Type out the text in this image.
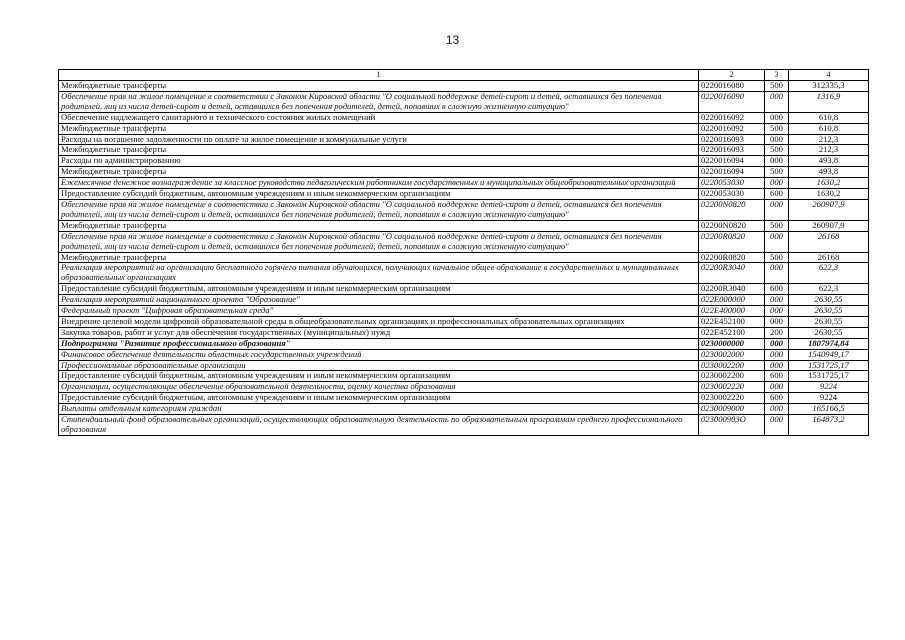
13
1	2	3	4
Межбюджетные трансферты	0220016080	500	312335,3
Обеспечение прав на жилое помещение в соответствии с Законом Кировской области "О социальной поддержке детей-сирот и детей, оставшихся без попечения родителей, лиц из числа детей-сирот и детей, оставшихся без попечения родителей, детей, попавших в сложную жизненную ситуацию"	0220016090	000	1316,9
Обеспечение надлежащего санитарного и технического состояния жилых помещений	0220016092	000	610,8
Межбюджетные трансферты	0220016092	500	610,8
Расходы на погашение задолженности по оплате за жилое помещение и коммунальные услуги	0220016093	000	212,3
Межбюджетные трансферты	0220016093	500	212,3
Расходы по администрированию	0220016094	000	493,8
Межбюджетные трансферты	0220016094	500	493,8
Ежемесячное денежное вознаграждение за классное руководство педагогическим работникам государственных и муниципальных общеобразовательных организаций	0220053030	000	1630,2
Предоставление субсидий бюджетным, автономным учреждениям и иным некоммерческим организациям	0220053030	600	1630,2
Обеспечение прав на жилое помещение в соответствии с Законом Кировской области "О социальной поддержке детей-сирот и детей, оставшихся без попечения родителей, лиц из числа детей-сирот и детей, оставшихся без попечения родителей, детей, попавших в сложную жизненную ситуацию"	02200N0820	000	260907,9
Межбюджетные трансферты	02200N0820	500	260907,9
Обеспечение прав на жилое помещение в соответствии с Законом Кировской области "О социальной поддержке детей-сирот и детей, оставшихся без попечения родителей, лиц из числа детей-сирот и детей, оставшихся без попечения родителей, детей, попавших в сложную жизненную ситуацию"	02200R0820	000	26168
Межбюджетные трансферты	02200R0820	500	26168
Реализация мероприятий на организацию бесплатного горячего питания обучающихся, получающих начальное общее образование в государственных и муниципальных образовательных организациях	02200R3040	000	622,3
Предоставление субсидий бюджетным, автономным учреждениям и иным некоммерческим организациям	02200R3040	600	622,3
Реализация мероприятий национального проекта "Образование"	022E000000	000	2630,55
Федеральный проект "Цифровая образовательная среда"	022E400000	000	2630,55
Внедрение целевой модели цифровой образовательной среды в общеобразовательных организациях и профессиональных образовательных организациях	022E452100	000	2630,55
Закупка товаров, работ и услуг для обеспечения государственных (муниципальных) нужд	022E452100	200	2630,55
Подпрограмма "Развитие профессионального образования"	0230000000	000	1807974,84
Финансовое обеспечение деятельности областных государственных учреждений	0230002000	000	1540949,17
Профессиональные образовательные организации	0230002200	000	1531725,17
Предоставление субсидий бюджетным, автономным учреждениям и иным некоммерческим организациям	0230002200	600	1531725,17
Организации, осуществляющие обеспечение образовательной деятельности, оценку качества образования	0230002220	000	9224
Предоставление субсидий бюджетным, автономным учреждениям и иным некоммерческим организациям	0230002220	600	9224
Выплаты отдельным категориям граждан	0230009000	000	165166,5
Стипендиальный фонд образовательных организаций, осуществляющих образовательную деятельность по образовательным программам среднего профессионального образования	023000903О	000	164873,2
